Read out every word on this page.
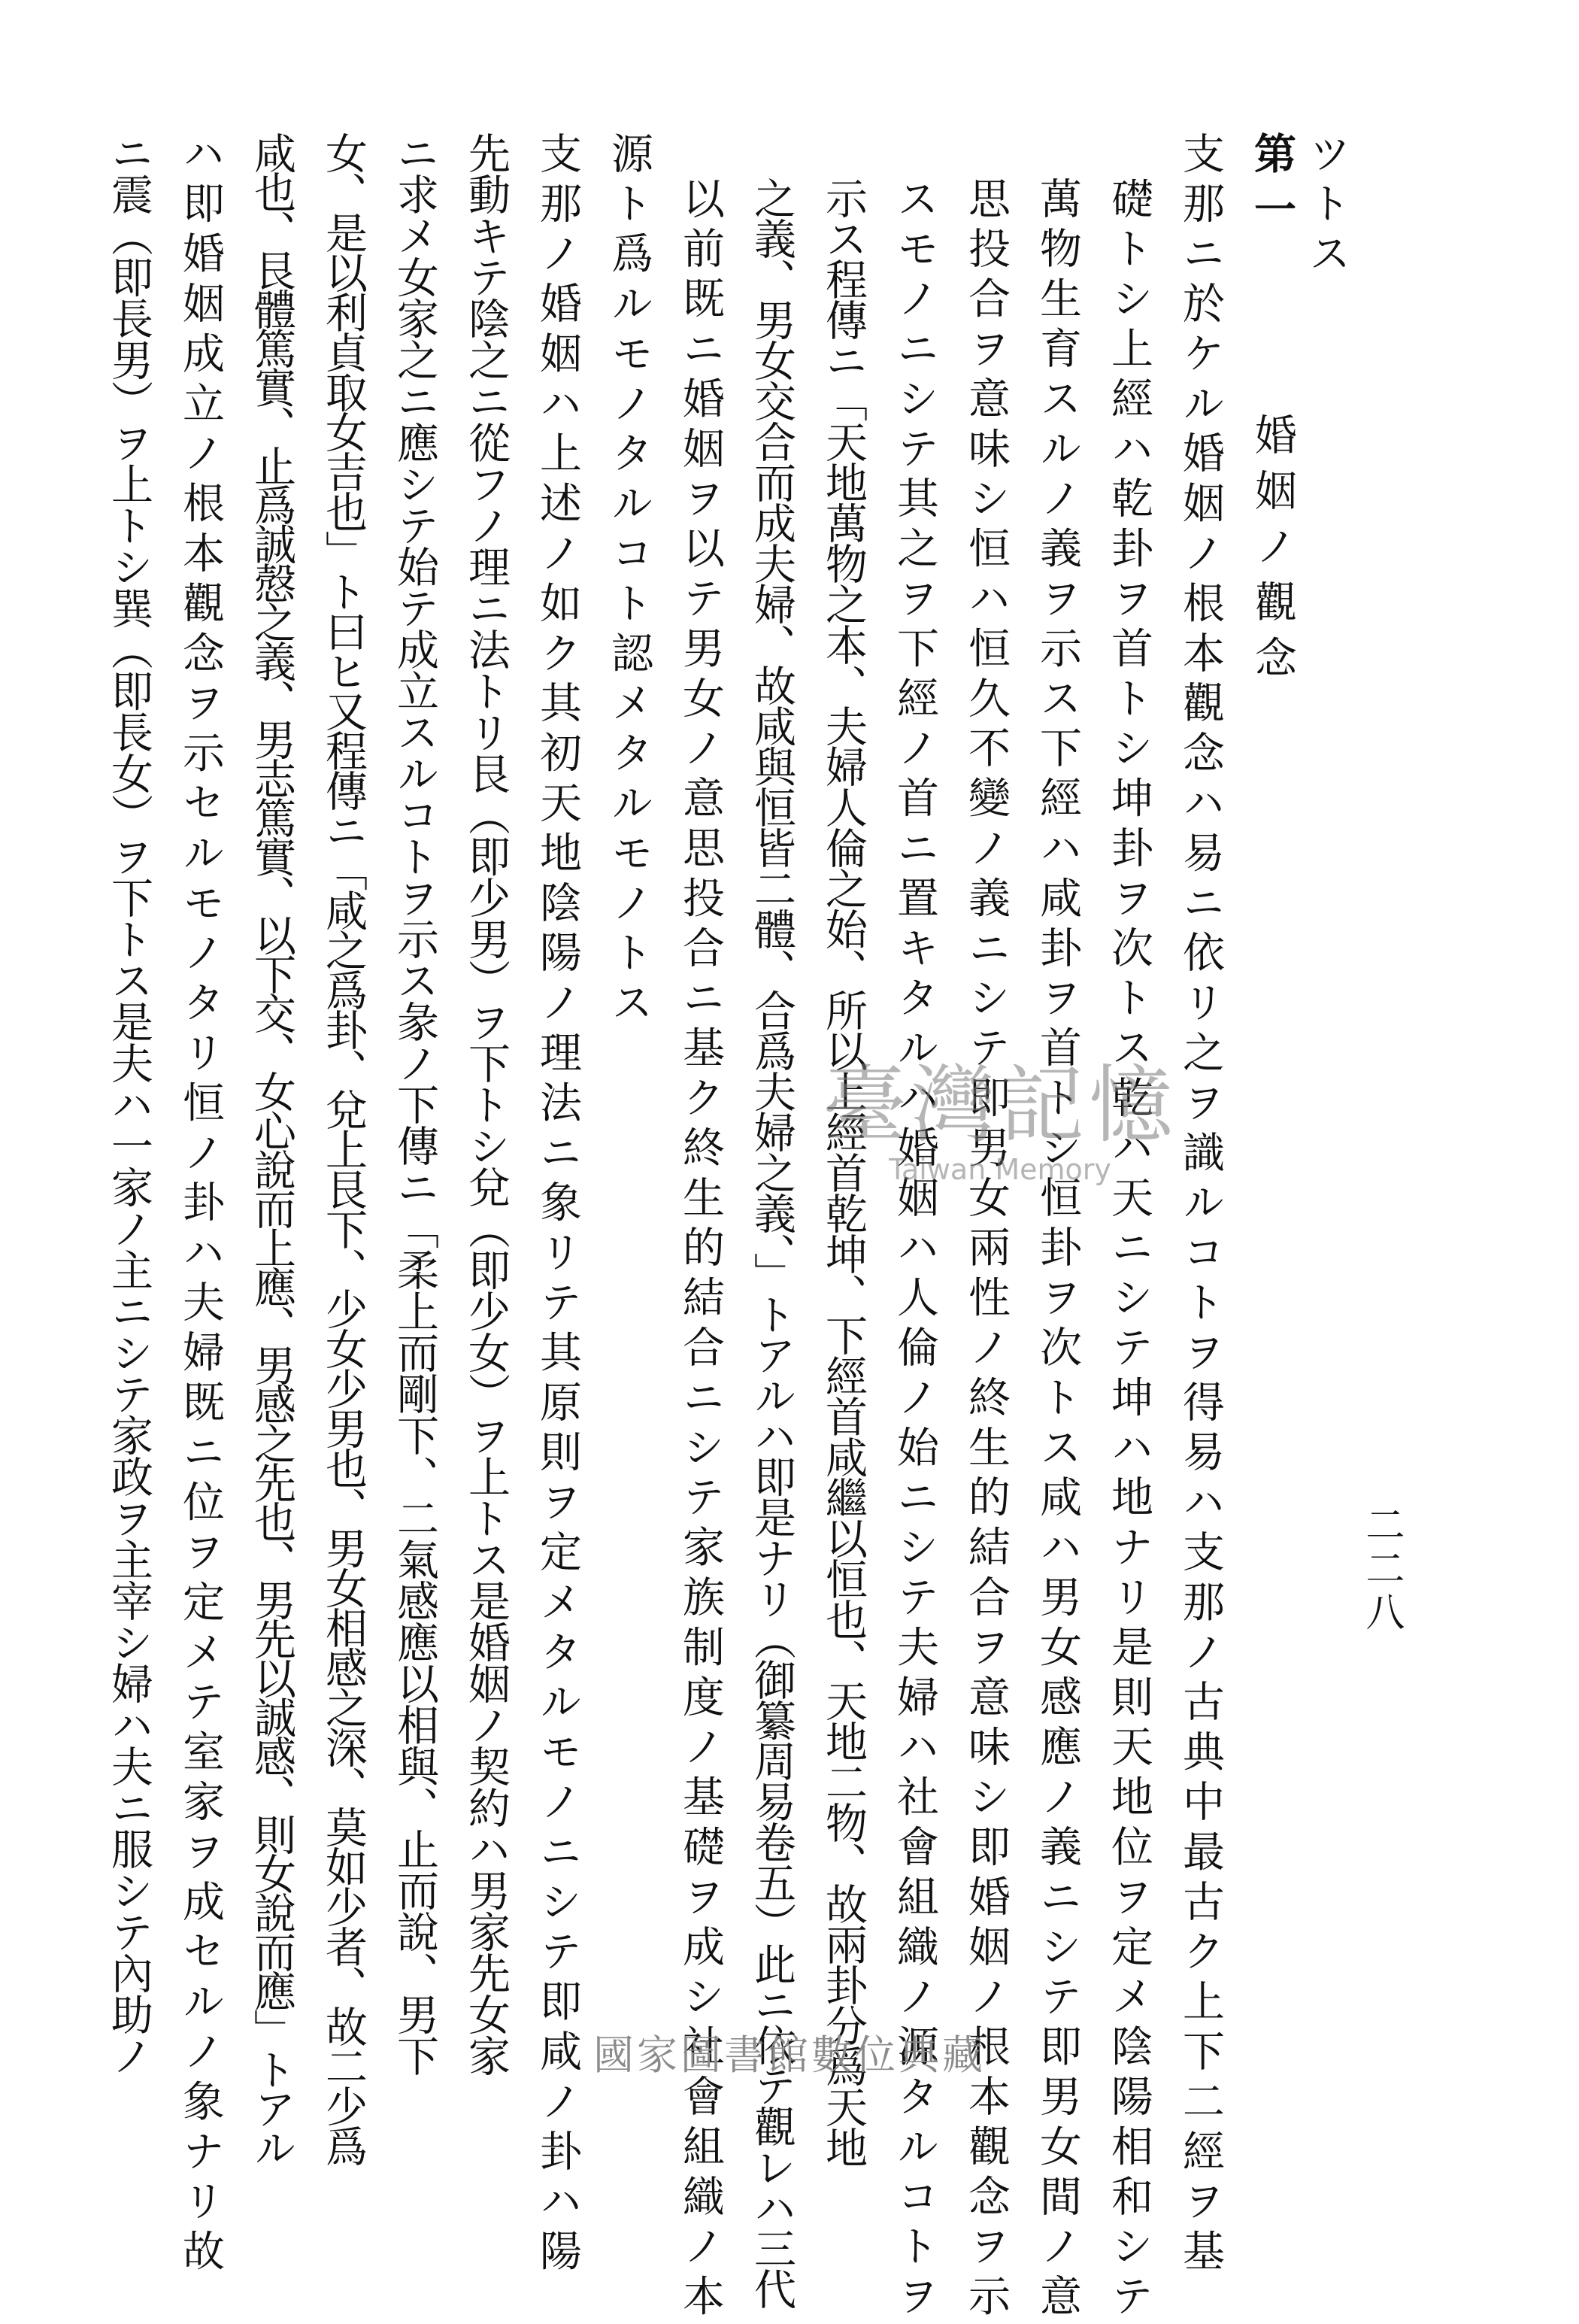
二二八
ツトス
第一  婚姻ノ觀念
支那ニ於ケル婚姻ノ根本觀念ハ易ニ依リ之ヲ識ルコトヲ得易ハ支那ノ古典中最古ク上下二經ヲ基
礎トシ上經ハ乾卦ヲ首トシ坤卦ヲ次トス乾ハ天ニシテ坤ハ地ナリ是則天地位ヲ定メ陰陽相和シテ
萬物生育スルノ義ヲ示ス下經ハ咸卦ヲ首トシ恒卦ヲ次トス咸ハ男女感應ノ義ニシテ即男女間ノ意
思投合ヲ意味シ恒ハ恒久不變ノ義ニシテ即男女兩性ノ終生的結合ヲ意味シ即婚姻ノ根本觀念ヲ示
スモノニシテ其之ヲ下經ノ首ニ置キタルハ婚姻ハ人倫ノ始ニシテ夫婦ハ社會組織ノ源タルコトヲ
示ス程傳ニ「天地萬物之本、夫婦人倫之始、所以上經首乾坤、下經首咸繼以恒也、天地二物、故兩卦分爲天地
之義、男女交合而成夫婦、故咸與恒皆二體、合爲夫婦之義、」トアルハ即是ナリ（御纂周易卷五）此ニ依テ觀レハ三代
以前既ニ婚姻ヲ以テ男女ノ意思投合ニ基ク終生的結合ニシテ家族制度ノ基礎ヲ成シ社會組織ノ本
源ト爲ルモノタルコト認メタルモノトス
支那ノ婚姻ハ上述ノ如ク其初天地陰陽ノ理法ニ象リテ其原則ヲ定メタルモノニシテ即咸ノ卦ハ陽
先動キテ陰之ニ從フノ理ニ法トリ艮（即少男）ヲ下トシ兌（即少女）ヲ上トス是婚姻ノ契約ハ男家先女家
ニ求メ女家之ニ應シテ始テ成立スルコトヲ示ス彖ノ下傳ニ「柔上而剛下、二氣感應以相與、止而說、男下
女、是以利貞取女吉也」ト曰ヒ又程傳ニ「咸之爲卦、兌上艮下、少女少男也、男女相感之深、莫如少者、故二少爲
咸也、艮體篤實、止爲誠慤之義、男志篤實、以下交、女心說而上應、男感之先也、男先以誠感、則女說而應」トアル
ハ即婚姻成立ノ根本觀念ヲ示セルモノタリ恒ノ卦ハ夫婦既ニ位ヲ定メテ室家ヲ成セルノ象ナリ故
ニ震（即長男）ヲ上トシ巽（即長女）ヲ下トス是夫ハ一家ノ主ニシテ家政ヲ主宰シ婦ハ夫ニ服シテ內助ノ	臺灣記憶
Taiwan Memory
國家圖書館數位典藏
